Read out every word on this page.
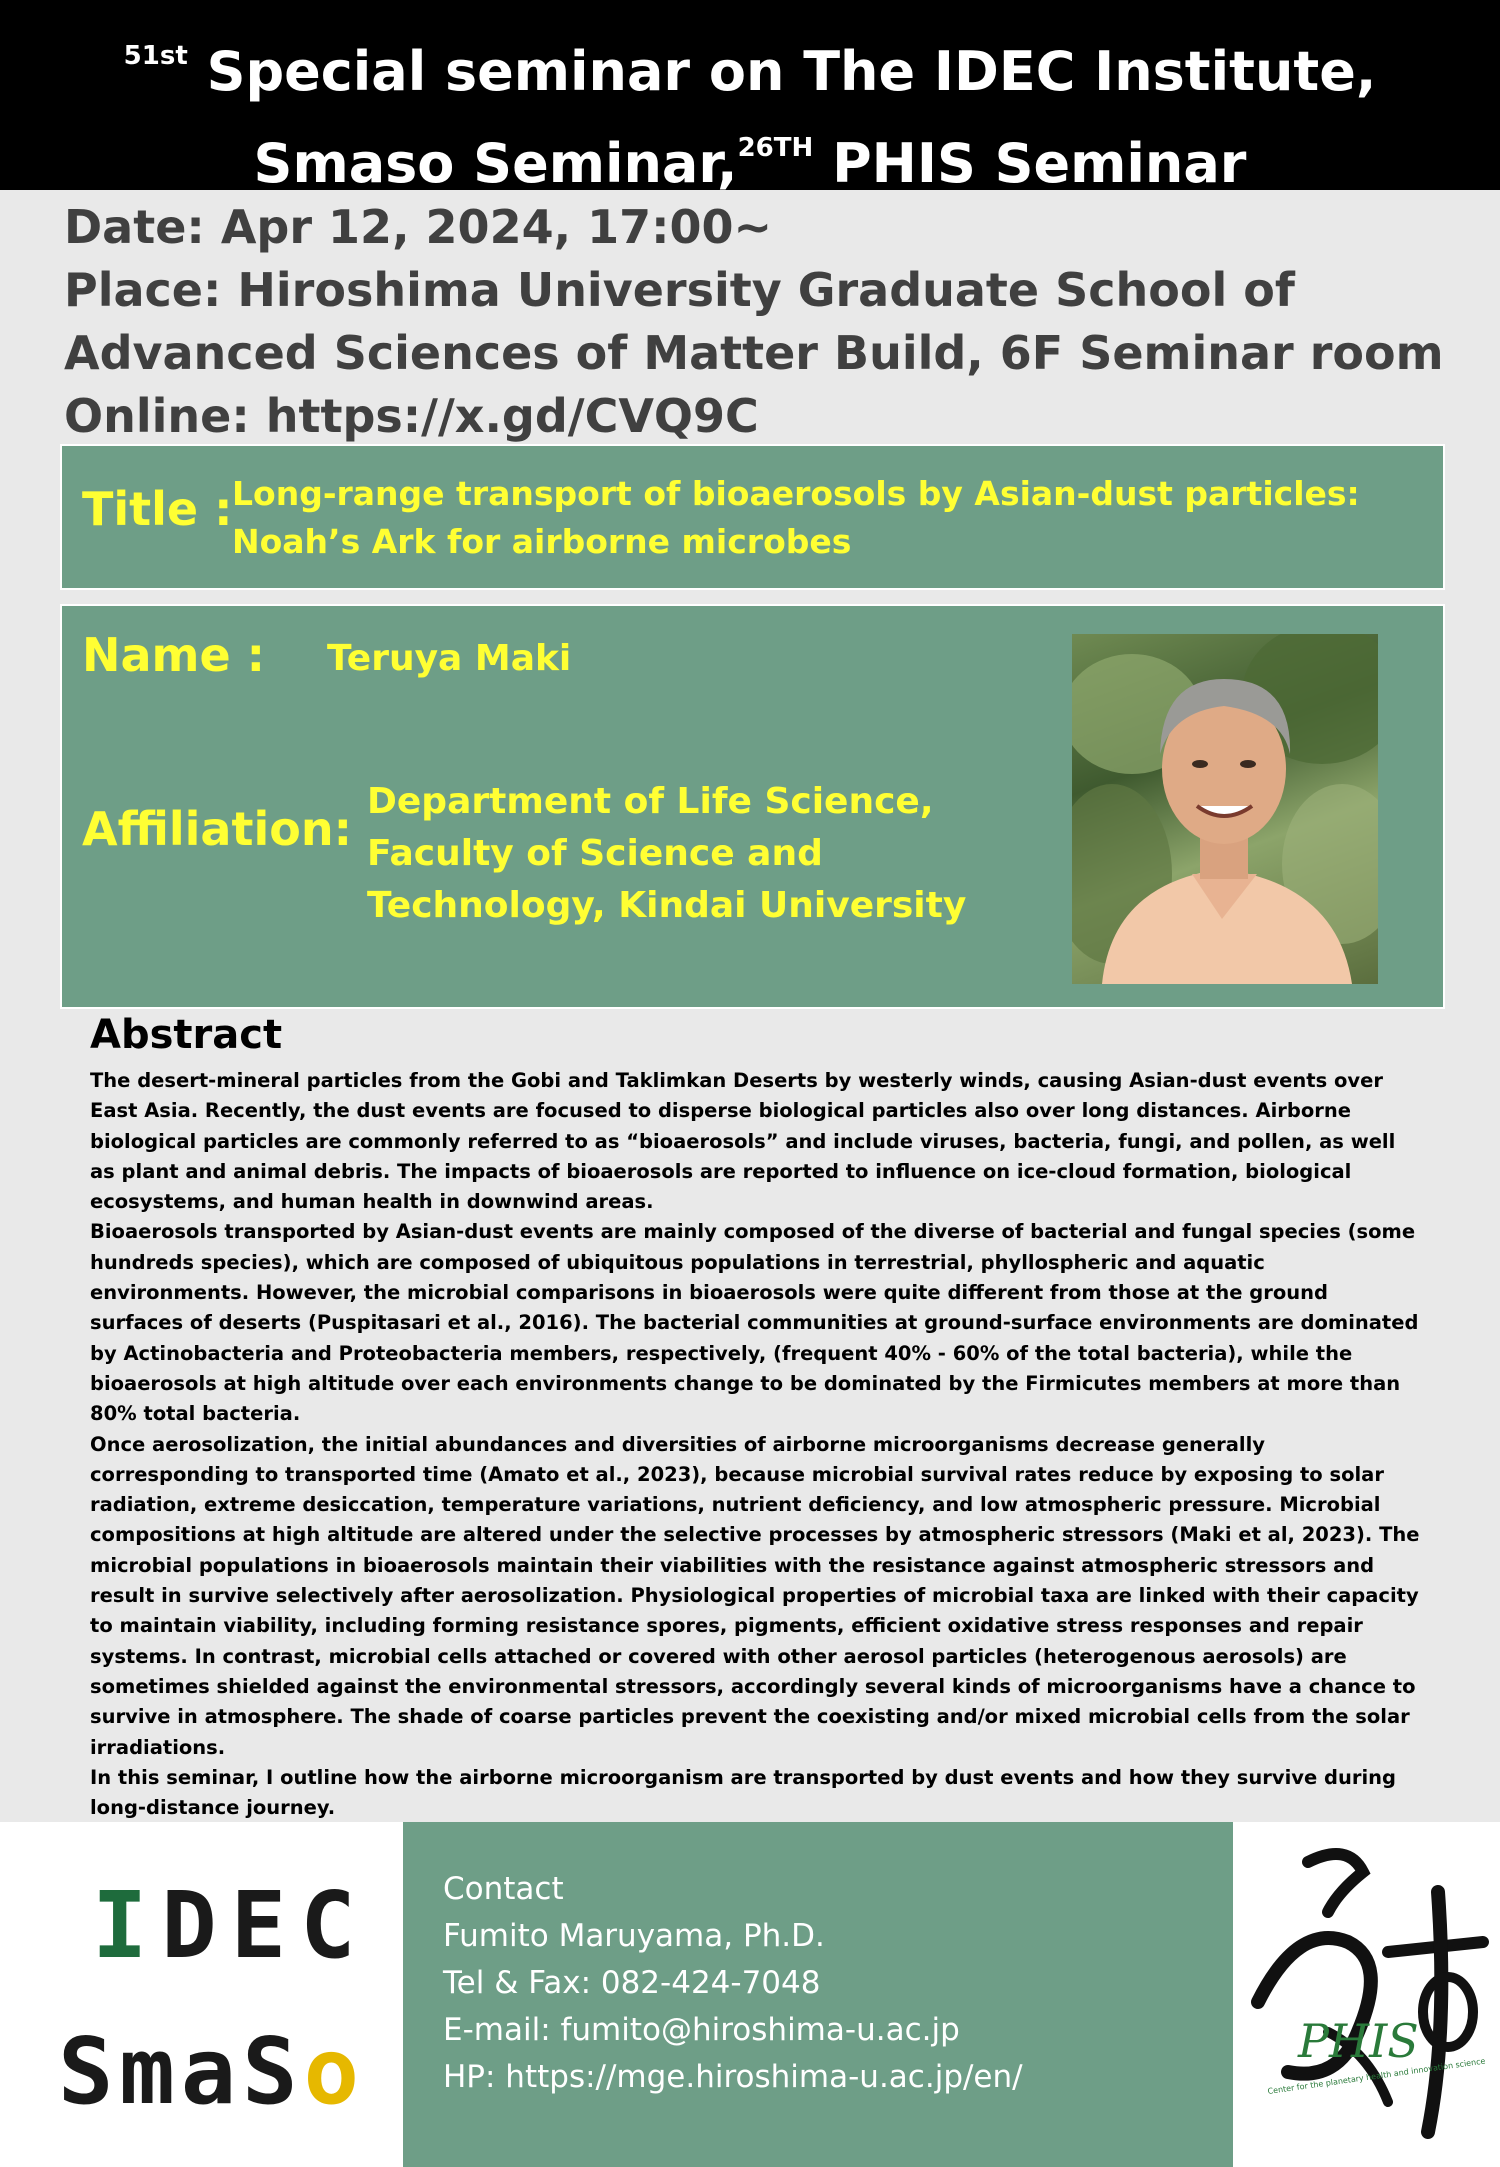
$^{51st}$ Special seminar on The IDEC Institute,
Smaso Seminar,$^{26TH}$ PHIS Seminar
Date: Apr 12, 2024, 17:00~
Place: Hiroshima University Graduate School of
Advanced Sciences of Matter Build, 6F Seminar room
Online: https://x.gd/CVQ9C
Title : Long-range transport of bioaerosols by Asian-dust particles: Noah’s Ark for airborne microbes
Name : Teruya Maki
Affiliation:
Department of Life Science,
Faculty of Science and
Technology, Kindai University
Abstract

The desert-mineral particles from the Gobi and Taklimkan Deserts by westerly winds, causing Asian-dust events over East Asia. Recently, the dust events are focused to disperse biological particles also over long distances. Airborne biological particles are commonly referred to as “bioaerosols” and include viruses, bacteria, fungi, and pollen, as well as plant and animal debris. The impacts of bioaerosols are reported to influence on ice-cloud formation, biological ecosystems, and human health in downwind areas.

Bioaerosols transported by Asian-dust events are mainly composed of the diverse of bacterial and fungal species (some hundreds species), which are composed of ubiquitous populations in terrestrial, phyllospheric and aquatic environments. However, the microbial comparisons in bioaerosols were quite different from those at the ground surfaces of deserts (Puspitasari et al., 2016). The bacterial communities at ground-surface environments are dominated by Actinobacteria and Proteobacteria members, respectively, (frequent 40% - 60% of the total bacteria), while the bioaerosols at high altitude over each environments change to be dominated by the Firmicutes members at more than 80% total bacteria.

Once aerosolization, the initial abundances and diversities of airborne microorganisms decrease generally corresponding to transported time (Amato et al., 2023), because microbial survival rates reduce by exposing to solar radiation, extreme desiccation, temperature variations, nutrient deficiency, and low atmospheric pressure. Microbial compositions at high altitude are altered under the selective processes by atmospheric stressors (Maki et al, 2023). The microbial populations in bioaerosols maintain their viabilities with the resistance against atmospheric stressors and result in survive selectively after aerosolization. Physiological properties of microbial taxa are linked with their capacity to maintain viability, including forming resistance spores, pigments, efficient oxidative stress responses and repair systems. In contrast, microbial cells attached or covered with other aerosol particles (heterogenous aerosols) are sometimes shielded against the environmental stressors, accordingly several kinds of microorganisms have a chance to survive in atmosphere. The shade of coarse particles prevent the coexisting and/or mixed microbial cells from the solar irradiations.

In this seminar, I outline how the airborne microorganism are transported by dust events and how they survive during long-distance journey.

IDEC
SmaSo
Contact
Fumito Maruyama, Ph.D.
Tel & Fax: 082-424-7048
E-mail: fumito@hiroshima-u.ac.jp
HP: https://mge.hiroshima-u.ac.jp/en/
PHIS
Center for the planetary health and innovation science
